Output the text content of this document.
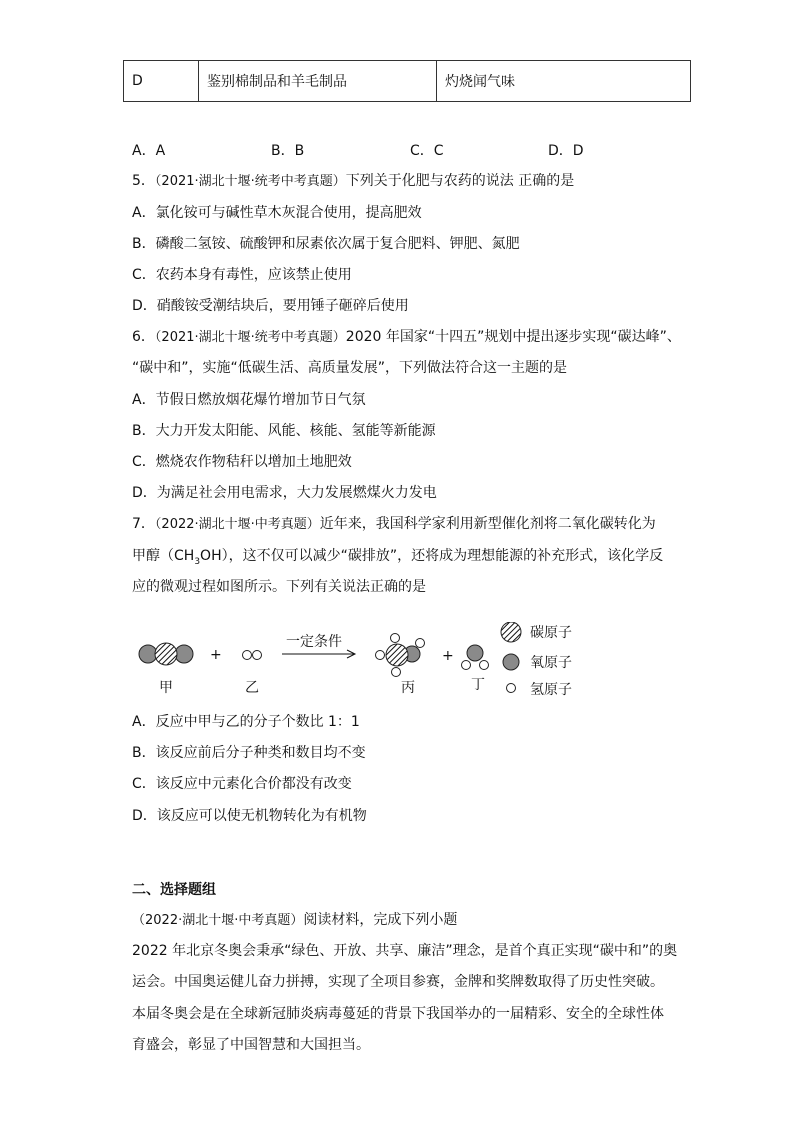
D	鉴别棉制品和羊毛制品	灼烧闻气味
A．A	B．B	C．C	D．D
5．（2021·湖北十堰·统考中考真题）下列关于化肥与农药的说法 正确的是
A．氯化铵可与碱性草木灰混合使用，提高肥效
B．磷酸二氢铵、硫酸钾和尿素依次属于复合肥料、钾肥、氮肥
C．农药本身有毒性，应该禁止使用
D．硝酸铵受潮结块后，要用锤子砸碎后使用
6．（2021·湖北十堰·统考中考真题）2020 年国家“十四五”规划中提出逐步实现“碳达峰”、
“碳中和”，实施“低碳生活、高质量发展”，下列做法符合这一主题的是
A．节假日燃放烟花爆竹增加节日气氛
B．大力开发太阳能、风能、核能、氢能等新能源
C．燃烧农作物秸秆以增加土地肥效
D．为满足社会用电需求，大力发展燃煤火力发电
7．（2022·湖北十堰·中考真题）近年来，我国科学家利用新型催化剂将二氧化碳转化为
甲醇$(CH_3OH)$，这不仅可以减少“碳排放”，还将成为理想能源的补充形式，该化学反
应的微观过程如图所示。下列有关说法正确的是
+
一定条件
+
碳原子
氧原子
氢原子
甲	乙	丙	丁
A．反应中甲与乙的分子个数比 1：1
B．该反应前后分子种类和数目均不变
C．该反应中元素化合价都没有改变
D．该反应可以使无机物转化为有机物
二、选择题组
（2022·湖北十堰·中考真题）阅读材料，完成下列小题
2022 年北京冬奥会秉承“绿色、开放、共享、廉洁”理念，是首个真正实现“碳中和”的奥
运会。中国奥运健儿奋力拼搏，实现了全项目参赛，金牌和奖牌数取得了历史性突破。
本届冬奥会是在全球新冠肺炎病毒蔓延的背景下我国举办的一届精彩、安全的全球性体
育盛会，彰显了中国智慧和大国担当。
